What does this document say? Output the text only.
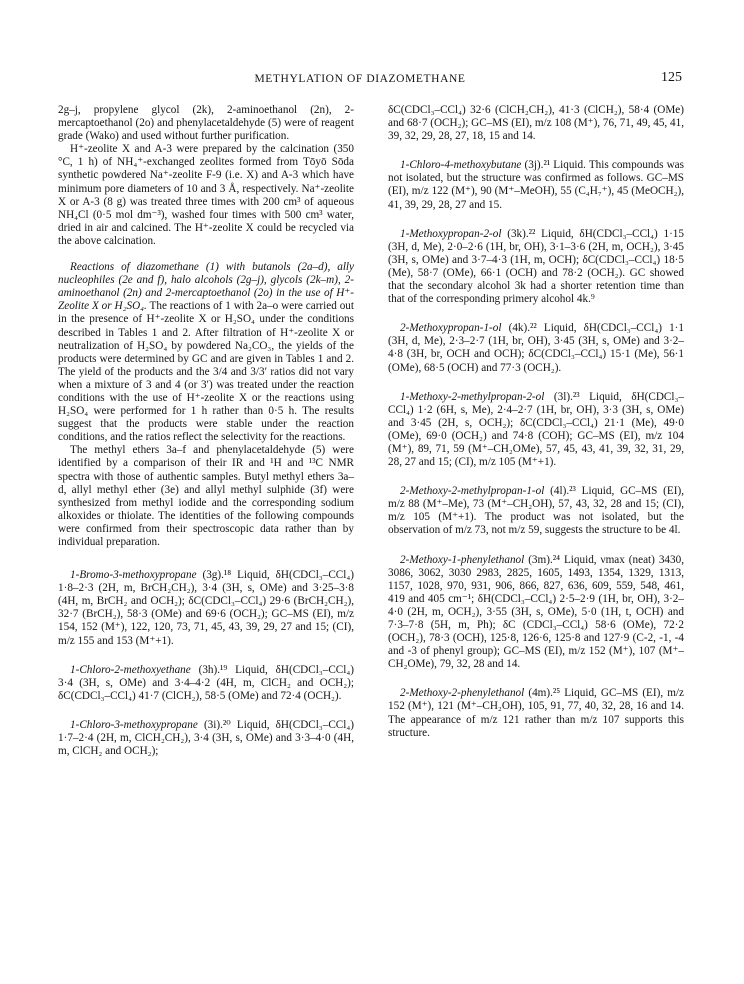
METHYLATION OF DIAZOMETHANE	125

2g–j, propylene glycol (2k), 2-aminoethanol (2n), 2-mercaptoethanol (2o) and phenylacetaldehyde (5) were of reagent grade (Wako) and used without further purification.

H⁺-zeolite X and A-3 were prepared by the calcination (350 °C, 1 h) of NH₄⁺-exchanged zeolites formed from Tōyō Sōda synthetic powdered Na⁺-zeolite F-9 (i.e. X) and A-3 which have minimum pore diameters of 10 and 3 Å, respectively. Na⁺-zeolite X or A-3 (8 g) was treated three times with 200 cm³ of aqueous NH₄Cl (0·5 mol dm⁻³), washed four times with 500 cm³ water, dried in air and calcined. The H⁺-zeolite X could be recycled via the above calcination.

Reactions of diazomethane (1) with butanols (2a–d), ally nucleophiles (2e and f), halo alcohols (2g–j), glycols (2k–m), 2-aminoethanol (2n) and 2-mercaptoethanol (2o) in the use of H⁺-Zeolite X or H₂SO₄. The reactions of 1 with 2a–o were carried out in the presence of H⁺-zeolite X or H₂SO₄ under the conditions described in Tables 1 and 2. After filtration of H⁺-zeolite X or neutralization of H₂SO₄ by powdered Na₂CO₃, the yields of the products were determined by GC and are given in Tables 1 and 2. The yield of the products and the 3/4 and 3/3′ ratios did not vary when a mixture of 3 and 4 (or 3′) was treated under the reaction conditions with the use of H⁺-zeolite X or the reactions using H₂SO₄ were performed for 1 h rather than 0·5 h. The results suggest that the products were stable under the reaction conditions, and the ratios reflect the selectivity for the reactions.

The methyl ethers 3a–f and phenylacetaldehyde (5) were identified by a comparison of their IR and ¹H and ¹³C NMR spectra with those of authentic samples. Butyl methyl ethers 3a–d, allyl methyl ether (3e) and allyl methyl sulphide (3f) were synthesized from methyl iodide and the corresponding sodium alkoxides or thiolate. The identities of the following compounds were confirmed from their spectroscopic data rather than by individual preparation.

1-Bromo-3-methoxypropane (3g).¹⁸ Liquid, δH(CDCl₃–CCl₄) 1·8–2·3 (2H, m, BrCH₂CH₂), 3·4 (3H, s, OMe) and 3·25–3·8 (4H, m, BrCH₂ and OCH₂); δC(CDCl₃–CCl₄) 29·6 (BrCH₂CH₂), 32·7 (BrCH₂), 58·3 (OMe) and 69·6 (OCH₂); GC–MS (EI), m/z 154, 152 (M⁺), 122, 120, 73, 71, 45, 43, 39, 29, 27 and 15; (CI), m/z 155 and 153 (M⁺+1).

1-Chloro-2-methoxyethane (3h).¹⁹ Liquid, δH(CDCl₃–CCl₄) 3·4 (3H, s, OMe) and 3·4–4·2 (4H, m, ClCH₂ and OCH₂); δC(CDCl₃–CCl₄) 41·7 (ClCH₂), 58·5 (OMe) and 72·4 (OCH₂).

1-Chloro-3-methoxypropane (3i).²⁰ Liquid, δH(CDCl₃–CCl₄) 1·7–2·4 (2H, m, ClCH₂CH₂), 3·4 (3H, s, OMe) and 3·3–4·0 (4H, m, ClCH₂ and OCH₂);

δC(CDCl₃–CCl₄) 32·6 (ClCH₂CH₂), 41·3 (ClCH₂), 58·4 (OMe) and 68·7 (OCH₂); GC–MS (EI), m/z 108 (M⁺), 76, 71, 49, 45, 41, 39, 32, 29, 28, 27, 18, 15 and 14.

1-Chloro-4-methoxybutane (3j).²¹ Liquid. This compounds was not isolated, but the structure was confirmed as follows. GC–MS (EI), m/z 122 (M⁺), 90 (M⁺–MeOH), 55 (C₄H₇⁺), 45 (MeOCH₂), 41, 39, 29, 28, 27 and 15.

1-Methoxypropan-2-ol (3k).²² Liquid, δH(CDCl₃–CCl₄) 1·15 (3H, d, Me), 2·0–2·6 (1H, br, OH), 3·1–3·6 (2H, m, OCH₂), 3·45 (3H, s, OMe) and 3·7–4·3 (1H, m, OCH); δC(CDCl₃–CCl₄) 18·5 (Me), 58·7 (OMe), 66·1 (OCH) and 78·2 (OCH₂). GC showed that the secondary alcohol 3k had a shorter retention time than that of the corresponding primery alcohol 4k.⁹

2-Methoxypropan-1-ol (4k).²² Liquid, δH(CDCl₃–CCl₄) 1·1 (3H, d, Me), 2·3–2·7 (1H, br, OH), 3·45 (3H, s, OMe) and 3·2–4·8 (3H, br, OCH and OCH); δC(CDCl₃–CCl₄) 15·1 (Me), 56·1 (OMe), 68·5 (OCH) and 77·3 (OCH₂).

1-Methoxy-2-methylpropan-2-ol (3l).²³ Liquid, δH(CDCl₃–CCl₄) 1·2 (6H, s, Me), 2·4–2·7 (1H, br, OH), 3·3 (3H, s, OMe) and 3·45 (2H, s, OCH₂); δC(CDCl₃–CCl₄) 21·1 (Me), 49·0 (OMe), 69·0 (OCH₂) and 74·8 (COH); GC–MS (EI), m/z 104 (M⁺), 89, 71, 59 (M⁺–CH₂OMe), 57, 45, 43, 41, 39, 32, 31, 29, 28, 27 and 15; (CI), m/z 105 (M⁺+1).

2-Methoxy-2-methylpropan-1-ol (4l).²³ Liquid, GC–MS (EI), m/z 88 (M⁺–Me), 73 (M⁺–CH₂OH), 57, 43, 32, 28 and 15; (CI), m/z 105 (M⁺+1). The product was not isolated, but the observation of m/z 73, not m/z 59, suggests the structure to be 4l.

2-Methoxy-1-phenylethanol (3m).²⁴ Liquid, νmax (neat) 3430, 3086, 3062, 3030 2983, 2825, 1605, 1493, 1354, 1329, 1313, 1157, 1028, 970, 931, 906, 866, 827, 636, 609, 559, 548, 461, 419 and 405 cm⁻¹; δH(CDCl₃–CCl₄) 2·5–2·9 (1H, br, OH), 3·2–4·0 (2H, m, OCH₂), 3·55 (3H, s, OMe), 5·0 (1H, t, OCH) and 7·3–7·8 (5H, m, Ph); δC (CDCl₃–CCl₄) 58·6 (OMe), 72·2 (OCH₂), 78·3 (OCH), 125·8, 126·6, 125·8 and 127·9 (C-2, -1, -4 and -3 of phenyl group); GC–MS (EI), m/z 152 (M⁺), 107 (M⁺–CH₂OMe), 79, 32, 28 and 14.

2-Methoxy-2-phenylethanol (4m).²⁵ Liquid, GC–MS (EI), m/z 152 (M⁺), 121 (M⁺–CH₂OH), 105, 91, 77, 40, 32, 28, 16 and 14. The appearance of m/z 121 rather than m/z 107 supports this structure.
